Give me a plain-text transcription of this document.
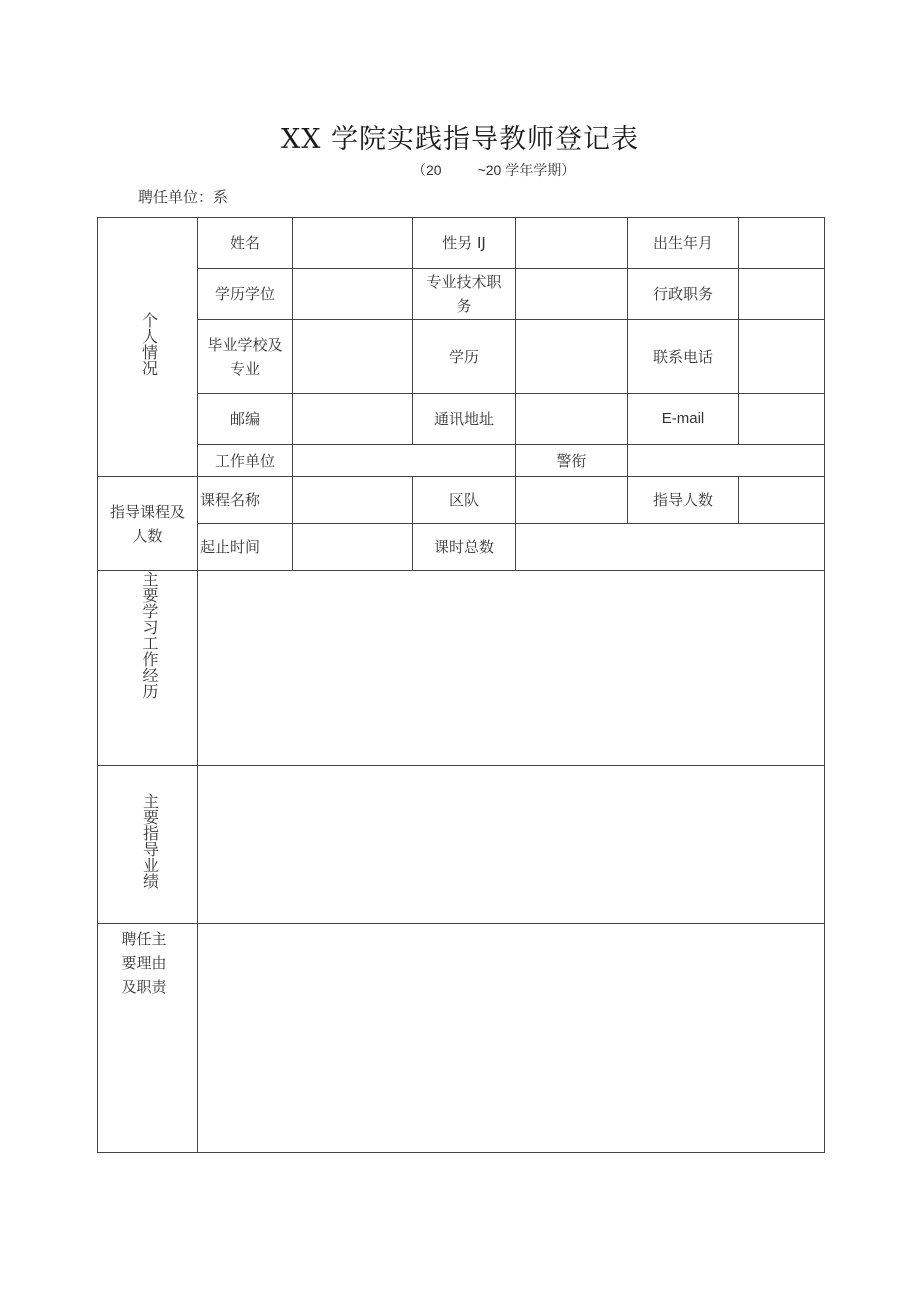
XX 学院实践指导教师登记表
（20	~20 学年学期）
聘任单位：系
个人情况	姓名		性另 IJ		出生年月	
	学历学位		专业技术职务		行政职务	
	毕业学校及专业		学历		联系电话	
	邮编		通讯地址		E-mail	
	工作单位			警衔		
指导课程及人数	课程名称		区队		指导人数	
	起止时间		课时总数			
主要学习工作经历						
主要指导业绩						
聘任主要理由及职责						
